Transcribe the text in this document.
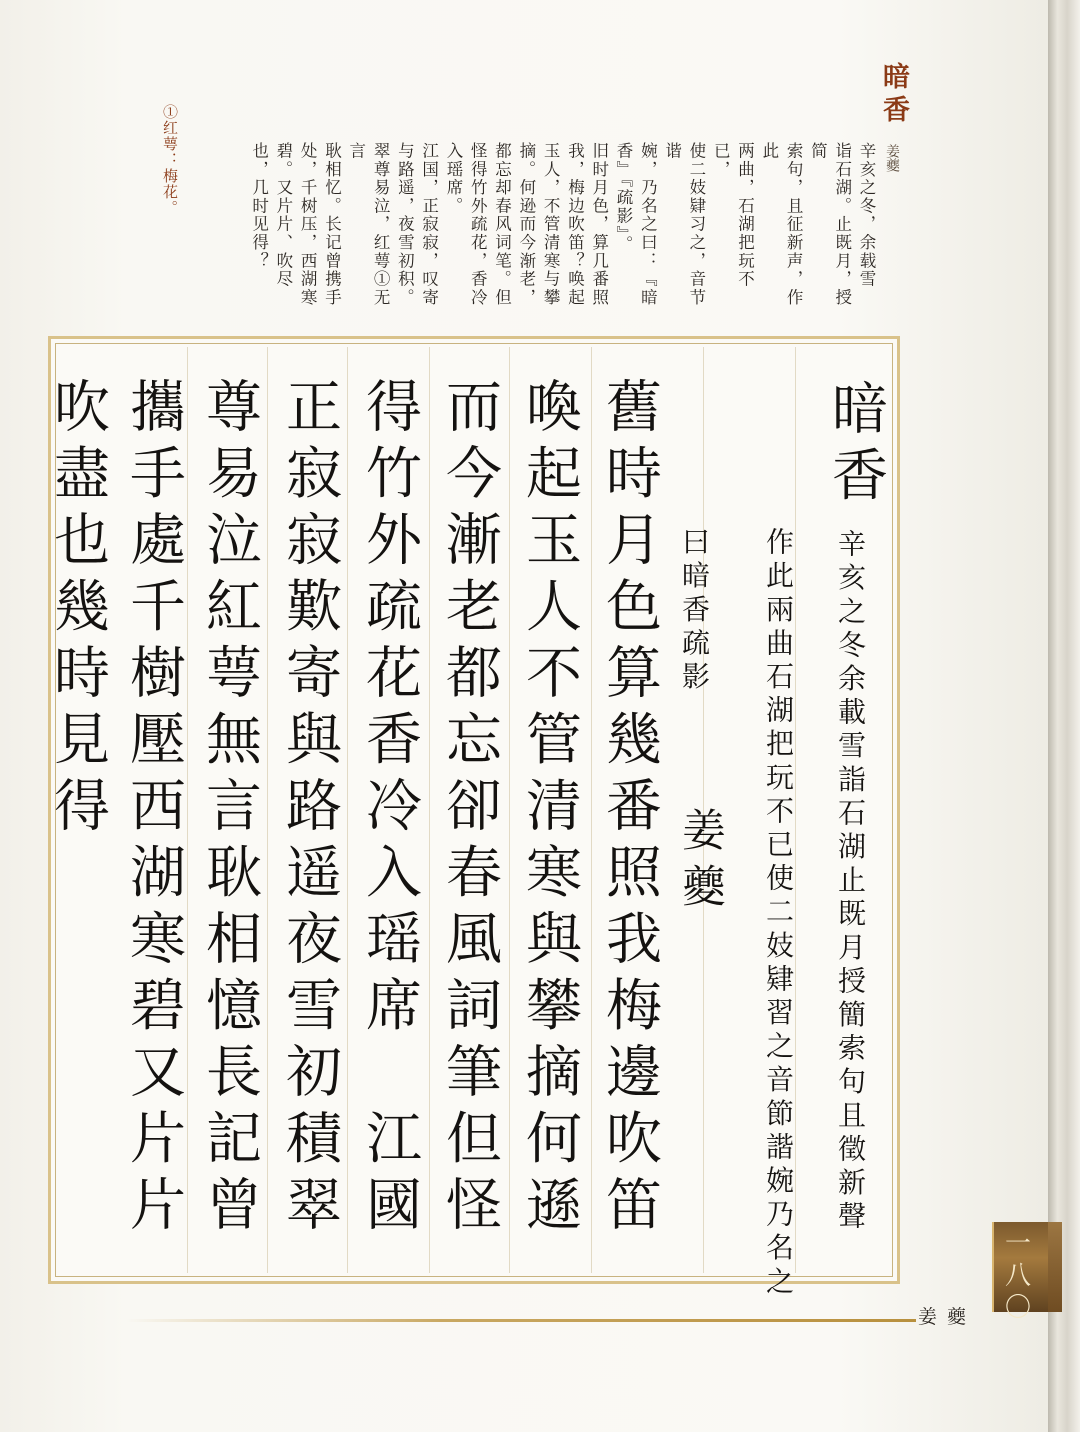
暗香
姜夔
辛亥之冬，余载雪 诣石湖。止既月，授简 索句，且征新声，作此 两曲，石湖把玩不已， 使二妓肄习之，音节谐 婉，乃名之曰：『暗 香』『疏影』。 旧时月色，算几番照 我，梅边吹笛？唤起 玉人，不管清寒与攀 摘。何逊而今渐老， 都忘却春风词笔。但 怪得竹外疏花，香冷 入瑶席。 江国，正寂寂，叹寄 与路遥，夜雪初积。 翠尊易泣，红萼①无言 耿相忆。长记曾携手 处，千树压，西湖寒 碧。又片片、吹尽 也，几时见得？
①红萼：梅花。
暗香
辛亥之冬余載雪詣石湖止既月授簡索句且徵新聲
作此兩曲石湖把玩不已使二妓肄習之音節諧婉乃名之
曰暗香疏影
姜夔
舊時月色算幾番照我梅邊吹笛
喚起玉人不管清寒與攀摘何遜
而今漸老都忘卻春風詞筆但怪
得竹外疏花香冷入瑶席　江國
正寂寂歎寄與路遥夜雪初積翠
尊易泣紅萼無言耿相憶長記曾
攜手處千樹壓西湖寒碧又片片
吹盡也幾時見得
姜夔
一八〇
